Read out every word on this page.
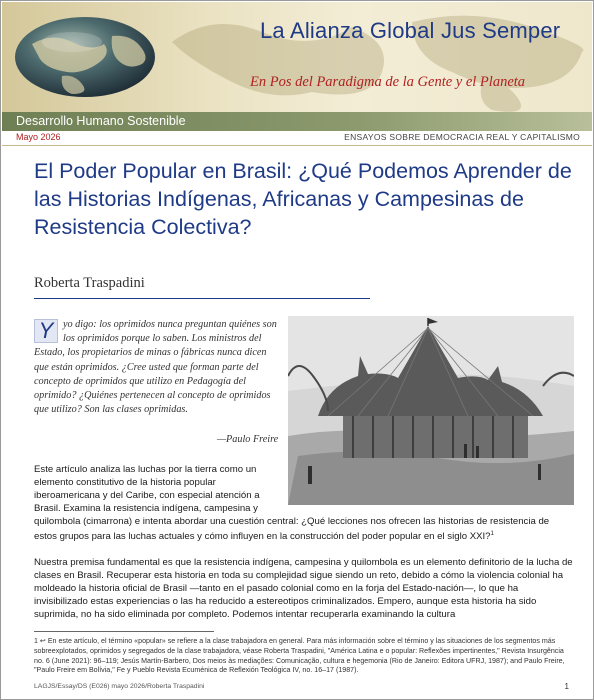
La Alianza Global Jus Semper
En Pos del Paradigma de la Gente y el Planeta
Desarrollo Humano Sostenible
Mayo 2026	ENSAYOS SOBRE DEMOCRACIA REAL Y CAPITALISMO
El Poder Popular en Brasil: ¿Qué Podemos Aprender de las Historias Indígenas, Africanas y Campesinas de Resistencia Colectiva?
Roberta Traspadini
Y yo digo: los oprimidos nunca preguntan quiénes son los oprimidos porque lo saben. Los ministros del Estado, los propietarios de minas o fábricas nunca dicen que están oprimidos. ¿Cree usted que forman parte del concepto de oprimidos que utilizo en Pedagogía del oprimido? ¿Quiénes pertenecen al concepto de oprimidos que utilizo? Son las clases oprimidas.
—Paulo Freire
Este artículo analiza las luchas por la tierra como un elemento constitutivo de la historia popular iberoamericana y del Caribe, con especial atención a Brasil. Examina la resistencia indígena, campesina y
quilombola (cimarrona) e intenta abordar una cuestión central: ¿Qué lecciones nos ofrecen las historias de resistencia de estos grupos para las luchas actuales y cómo influyen en la construcción del poder popular en el siglo XXI?$^1$
Nuestra premisa fundamental es que la resistencia indígena, campesina y quilombola es un elemento definitorio de la lucha de clases en Brasil. Recuperar esta historia en toda su complejidad sigue siendo un reto, debido a cómo la violencia colonial ha moldeado la historia oficial de Brasil —tanto en el pasado colonial como en la forja del Estado-nación—, lo que ha invisibilizado estas experiencias o las ha reducido a estereotipos criminalizados. Empero, aunque esta historia ha sido suprimida, no ha sido eliminada por completo. Podemos intentar recuperarla examinando la cultura
1 ↩ En este artículo, el término «popular» se refiere a la clase trabajadora en general. Para más información sobre el término y las situaciones de los segmentos más sobreexplotados, oprimidos y segregados de la clase trabajadora, véase Roberta Traspadini, "América Latina e o popular: Reflexões impertinentes," Revista Insurgência no. 6 (June 2021): 96–119; Jesús Martín-Barbero, Dos meios às mediações: Comunicação, cultura e hegemonia (Rio de Janeiro: Editora UFRJ, 1987); and Paulo Freire, "Paulo Freire em Bolívia," Fe y Pueblo Revista Ecuménica de Reflexión Teológica IV, no. 16–17 (1987).
LAGJS/Essay/DS (E026) mayo 2026/Roberta Traspadini	1
